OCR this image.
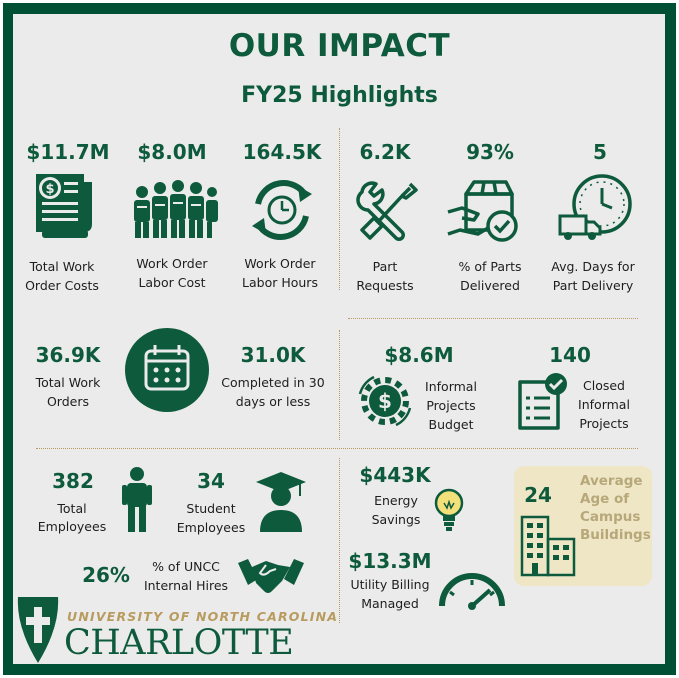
OUR IMPACT
FY25 Highlights
$11.7M
$
Total Work
Order Costs
$8.0M
Work Order
Labor Cost
164.5K
Work Order
Labor Hours
6.2K
Part
Requests
93%
% of Parts
Delivered
5
Avg. Days for
Part Delivery
36.9K
Total Work
Orders
31.0K
Completed in 30
days or less
$8.6M
$
Informal
Projects
Budget
140
Closed
Informal
Projects
382
Total
Employees
34
Student
Employees
26%	% of UNCC
Internal Hires
$443K
Energy
Savings
$13.3M
Utility Billing
Managed
24
Average
Age of
Campus
Buildings
UNIVERSITY OF NORTH CAROLINA
CHARLOTTE
